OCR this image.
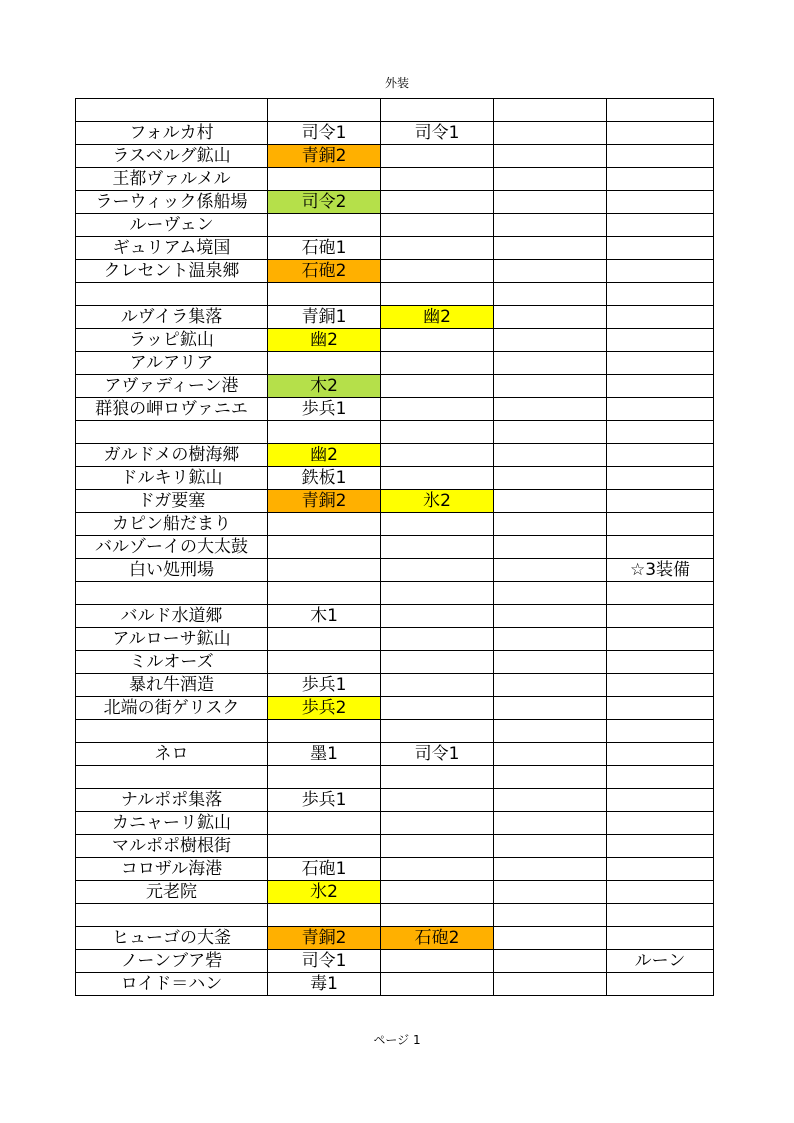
外装

フォルカ村	司令1	司令1		
ラスベルグ鉱山	青銅2			
王都ヴァルメル				
ラーウィック係船場	司令2			
ルーヴェン				
ギュリアム境国	石砲1			
クレセント温泉郷	石砲2			

ルヴイラ集落	青銅1	幽2		
ラッピ鉱山	幽2			
アルアリア				
アヴァディーン港	木2			
群狼の岬ロヴァニエ	歩兵1			

ガルドメの樹海郷	幽2			
ドルキリ鉱山	鉄板1			
ドガ要塞	青銅2	氷2		
カピン船だまり				
バルゾーイの大太鼓				
白い処刑場				☆3装備

バルド水道郷	木1			
アルローサ鉱山				
ミルオーズ				
暴れ牛酒造	歩兵1			
北端の街ゲリスク	歩兵2			

ネロ	墨1	司令1		

ナルポポ集落	歩兵1			
カニャーリ鉱山				
マルポポ樹根街				
コロザル海港	石砲1			
元老院	氷2			

ヒューゴの大釜	青銅2	石砲2		
ノーンブア砦	司令1			ルーン
ロイド＝ハン	毒1			
ページ 1
